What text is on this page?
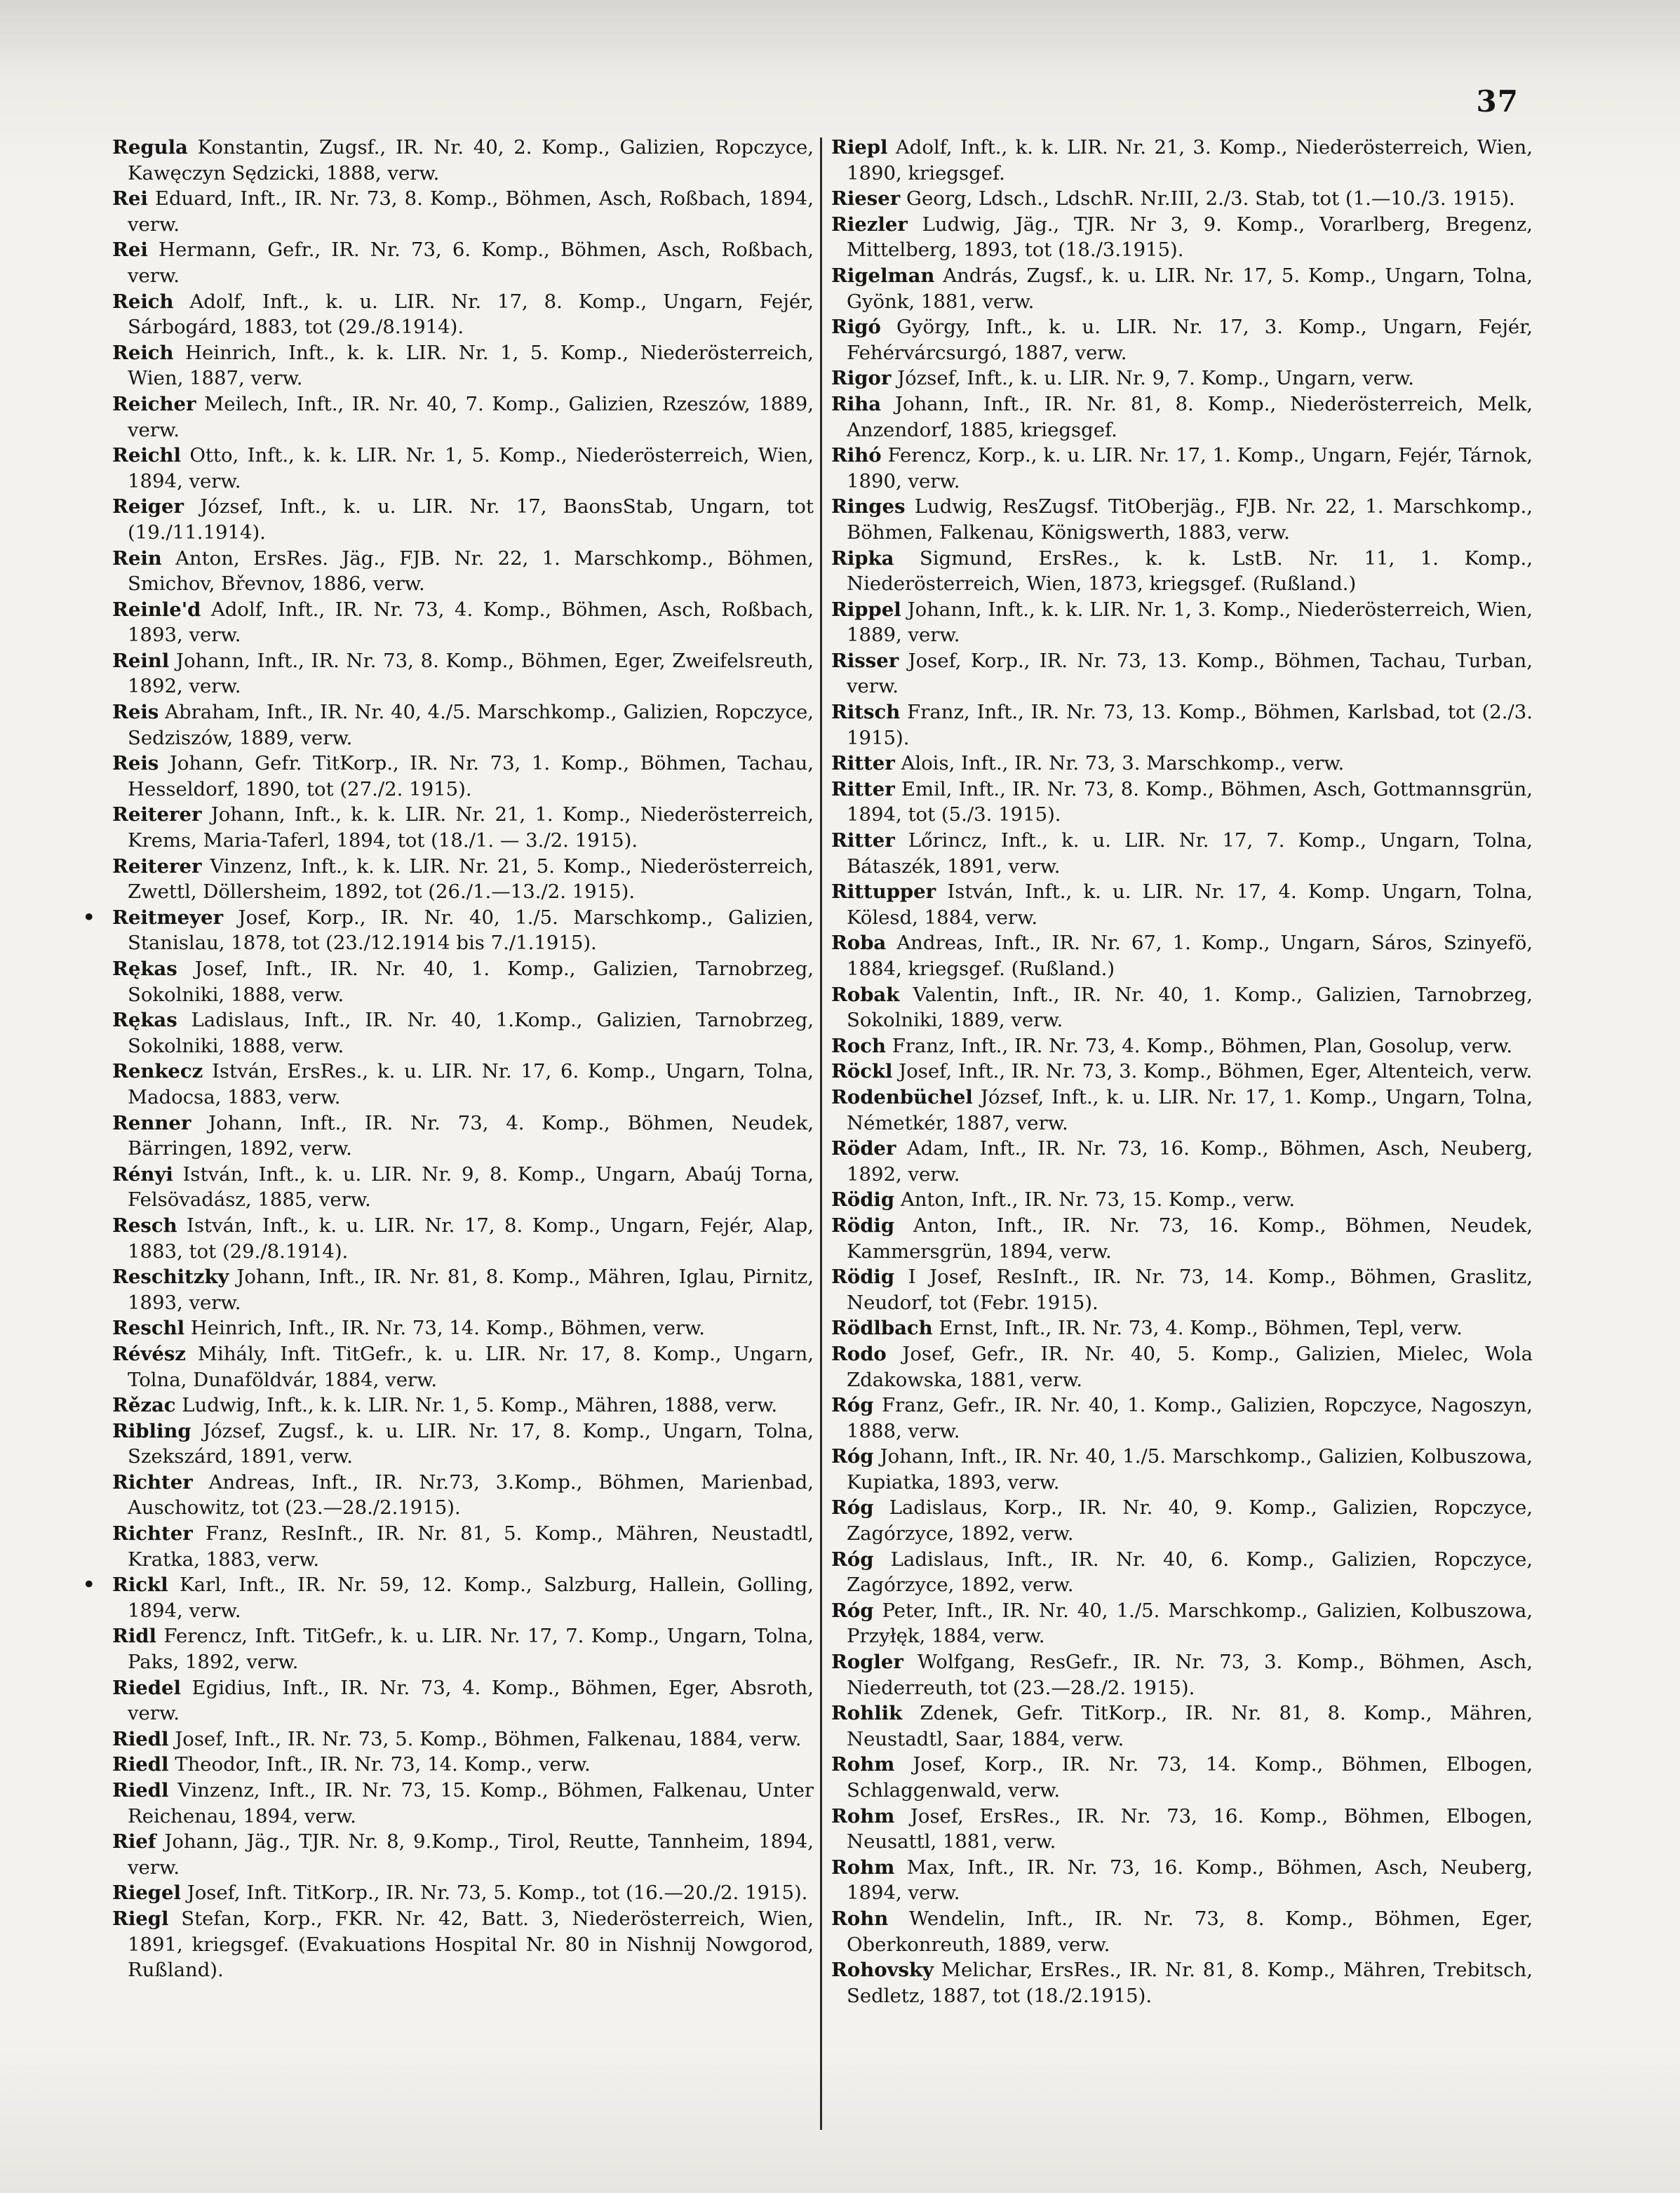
37
Regula Konstantin, Zugsf., IR. Nr. 40, 2. Komp., Galizien, Ropczyce, Kawęczyn Sędzicki, 1888, verw.
Rei Eduard, Inft., IR. Nr. 73, 8. Komp., Böhmen, Asch, Roßbach, 1894, verw.
Rei Hermann, Gefr., IR. Nr. 73, 6. Komp., Böhmen, Asch, Roßbach, verw.
Reich Adolf, Inft., k. u. LIR. Nr. 17, 8. Komp., Ungarn, Fejér, Sárbogárd, 1883, tot (29./8.1914).
Reich Heinrich, Inft., k. k. LIR. Nr. 1, 5. Komp., Niederösterreich, Wien, 1887, verw.
Reicher Meilech, Inft., IR. Nr. 40, 7. Komp., Galizien, Rzeszów, 1889, verw.
Reichl Otto, Inft., k. k. LIR. Nr. 1, 5. Komp., Niederösterreich, Wien, 1894, verw.
Reiger József, Inft., k. u. LIR. Nr. 17, BaonsStab, Ungarn, tot (19./11.1914).
Rein Anton, ErsRes. Jäg., FJB. Nr. 22, 1. Marschkomp., Böhmen, Smichov, Břevnov, 1886, verw.
Reinle'd Adolf, Inft., IR. Nr. 73, 4. Komp., Böhmen, Asch, Roßbach, 1893, verw.
Reinl Johann, Inft., IR. Nr. 73, 8. Komp., Böhmen, Eger, Zweifelsreuth, 1892, verw.
Reis Abraham, Inft., IR. Nr. 40, 4./5. Marschkomp., Galizien, Ropczyce, Sedziszów, 1889, verw.
Reis Johann, Gefr. TitKorp., IR. Nr. 73, 1. Komp., Böhmen, Tachau, Hesseldorf, 1890, tot (27./2. 1915).
Reiterer Johann, Inft., k. k. LIR. Nr. 21, 1. Komp., Niederösterreich, Krems, Maria-Taferl, 1894, tot (18./1. — 3./2. 1915).
Reiterer Vinzenz, Inft., k. k. LIR. Nr. 21, 5. Komp., Niederösterreich, Zwettl, Döllersheim, 1892, tot (26./1.—13./2. 1915).
• Reitmeyer Josef, Korp., IR. Nr. 40, 1./5. Marschkomp., Galizien, Stanislau, 1878, tot (23./12.1914 bis 7./1.1915).
Rękas Josef, Inft., IR. Nr. 40, 1. Komp., Galizien, Tarnobrzeg, Sokolniki, 1888, verw.
Rękas Ladislaus, Inft., IR. Nr. 40, 1.Komp., Galizien, Tarnobrzeg, Sokolniki, 1888, verw.
Renkecz István, ErsRes., k. u. LIR. Nr. 17, 6. Komp., Ungarn, Tolna, Madocsa, 1883, verw.
Renner Johann, Inft., IR. Nr. 73, 4. Komp., Böhmen, Neudek, Bärringen, 1892, verw.
Rényi István, Inft., k. u. LIR. Nr. 9, 8. Komp., Ungarn, Abaúj Torna, Felsövadász, 1885, verw.
Resch István, Inft., k. u. LIR. Nr. 17, 8. Komp., Ungarn, Fejér, Alap, 1883, tot (29./8.1914).
Reschitzky Johann, Inft., IR. Nr. 81, 8. Komp., Mähren, Iglau, Pirnitz, 1893, verw.
Reschl Heinrich, Inft., IR. Nr. 73, 14. Komp., Böhmen, verw.
Révész Mihály, Inft. TitGefr., k. u. LIR. Nr. 17, 8. Komp., Ungarn, Tolna, Dunaföldvár, 1884, verw.
Rězac Ludwig, Inft., k. k. LIR. Nr. 1, 5. Komp., Mähren, 1888, verw.
Ribling József, Zugsf., k. u. LIR. Nr. 17, 8. Komp., Ungarn, Tolna, Szekszárd, 1891, verw.
Richter Andreas, Inft., IR. Nr.73, 3.Komp., Böhmen, Marienbad, Auschowitz, tot (23.—28./2.1915).
Richter Franz, ResInft., IR. Nr. 81, 5. Komp., Mähren, Neustadtl, Kratka, 1883, verw.
• Rickl Karl, Inft., IR. Nr. 59, 12. Komp., Salzburg, Hallein, Golling, 1894, verw.
Ridl Ferencz, Inft. TitGefr., k. u. LIR. Nr. 17, 7. Komp., Ungarn, Tolna, Paks, 1892, verw.
Riedel Egidius, Inft., IR. Nr. 73, 4. Komp., Böhmen, Eger, Absroth, verw.
Riedl Josef, Inft., IR. Nr. 73, 5. Komp., Böhmen, Falkenau, 1884, verw.
Riedl Theodor, Inft., IR. Nr. 73, 14. Komp., verw.
Riedl Vinzenz, Inft., IR. Nr. 73, 15. Komp., Böhmen, Falkenau, Unter Reichenau, 1894, verw.
Rief Johann, Jäg., TJR. Nr. 8, 9.Komp., Tirol, Reutte, Tannheim, 1894, verw.
Riegel Josef, Inft. TitKorp., IR. Nr. 73, 5. Komp., tot (16.—20./2. 1915).
Riegl Stefan, Korp., FKR. Nr. 42, Batt. 3, Niederösterreich, Wien, 1891, kriegsgef. (Evakuations Hospital Nr. 80 in Nishnij Nowgorod, Rußland).
Riepl Adolf, Inft., k. k. LIR. Nr. 21, 3. Komp., Niederösterreich, Wien, 1890, kriegsgef.
Rieser Georg, Ldsch., LdschR. Nr.III, 2./3. Stab, tot (1.—10./3. 1915).
Riezler Ludwig, Jäg., TJR. Nr 3, 9. Komp., Vorarlberg, Bregenz, Mittelberg, 1893, tot (18./3.1915).
Rigelman András, Zugsf., k. u. LIR. Nr. 17, 5. Komp., Ungarn, Tolna, Gyönk, 1881, verw.
Rigó György, Inft., k. u. LIR. Nr. 17, 3. Komp., Ungarn, Fejér, Fehérvárcsurgó, 1887, verw.
Rigor József, Inft., k. u. LIR. Nr. 9, 7. Komp., Ungarn, verw.
Riha Johann, Inft., IR. Nr. 81, 8. Komp., Niederösterreich, Melk, Anzendorf, 1885, kriegsgef.
Rihó Ferencz, Korp., k. u. LIR. Nr. 17, 1. Komp., Ungarn, Fejér, Tárnok, 1890, verw.
Ringes Ludwig, ResZugsf. TitOberjäg., FJB. Nr. 22, 1. Marschkomp., Böhmen, Falkenau, Königswerth, 1883, verw.
Ripka Sigmund, ErsRes., k. k. LstB. Nr. 11, 1. Komp., Niederösterreich, Wien, 1873, kriegsgef. (Rußland.)
Rippel Johann, Inft., k. k. LIR. Nr. 1, 3. Komp., Niederösterreich, Wien, 1889, verw.
Risser Josef, Korp., IR. Nr. 73, 13. Komp., Böhmen, Tachau, Turban, verw.
Ritsch Franz, Inft., IR. Nr. 73, 13. Komp., Böhmen, Karlsbad, tot (2./3. 1915).
Ritter Alois, Inft., IR. Nr. 73, 3. Marschkomp., verw.
Ritter Emil, Inft., IR. Nr. 73, 8. Komp., Böhmen, Asch, Gottmannsgrün, 1894, tot (5./3. 1915).
Ritter Lőrincz, Inft., k. u. LIR. Nr. 17, 7. Komp., Ungarn, Tolna, Bátaszék, 1891, verw.
Rittupper István, Inft., k. u. LIR. Nr. 17, 4. Komp. Ungarn, Tolna, Kölesd, 1884, verw.
Roba Andreas, Inft., IR. Nr. 67, 1. Komp., Ungarn, Sáros, Szinyefö, 1884, kriegsgef. (Rußland.)
Robak Valentin, Inft., IR. Nr. 40, 1. Komp., Galizien, Tarnobrzeg, Sokolniki, 1889, verw.
Roch Franz, Inft., IR. Nr. 73, 4. Komp., Böhmen, Plan, Gosolup, verw.
Röckl Josef, Inft., IR. Nr. 73, 3. Komp., Böhmen, Eger, Altenteich, verw.
Rodenbüchel József, Inft., k. u. LIR. Nr. 17, 1. Komp., Ungarn, Tolna, Németkér, 1887, verw.
Röder Adam, Inft., IR. Nr. 73, 16. Komp., Böhmen, Asch, Neuberg, 1892, verw.
Rödig Anton, Inft., IR. Nr. 73, 15. Komp., verw.
Rödig Anton, Inft., IR. Nr. 73, 16. Komp., Böhmen, Neudek, Kammersgrün, 1894, verw.
Rödig I Josef, ResInft., IR. Nr. 73, 14. Komp., Böhmen, Graslitz, Neudorf, tot (Febr. 1915).
Rödlbach Ernst, Inft., IR. Nr. 73, 4. Komp., Böhmen, Tepl, verw.
Rodo Josef, Gefr., IR. Nr. 40, 5. Komp., Galizien, Mielec, Wola Zdakowska, 1881, verw.
Róg Franz, Gefr., IR. Nr. 40, 1. Komp., Galizien, Ropczyce, Nagoszyn, 1888, verw.
Róg Johann, Inft., IR. Nr. 40, 1./5. Marschkomp., Galizien, Kolbuszowa, Kupiatka, 1893, verw.
Róg Ladislaus, Korp., IR. Nr. 40, 9. Komp., Galizien, Ropczyce, Zagórzyce, 1892, verw.
Róg Ladislaus, Inft., IR. Nr. 40, 6. Komp., Galizien, Ropczyce, Zagórzyce, 1892, verw.
Róg Peter, Inft., IR. Nr. 40, 1./5. Marschkomp., Galizien, Kolbuszowa, Przyłęk, 1884, verw.
Rogler Wolfgang, ResGefr., IR. Nr. 73, 3. Komp., Böhmen, Asch, Niederreuth, tot (23.—28./2. 1915).
Rohlik Zdenek, Gefr. TitKorp., IR. Nr. 81, 8. Komp., Mähren, Neustadtl, Saar, 1884, verw.
Rohm Josef, Korp., IR. Nr. 73, 14. Komp., Böhmen, Elbogen, Schlaggenwald, verw.
Rohm Josef, ErsRes., IR. Nr. 73, 16. Komp., Böhmen, Elbogen, Neusattl, 1881, verw.
Rohm Max, Inft., IR. Nr. 73, 16. Komp., Böhmen, Asch, Neuberg, 1894, verw.
Rohn Wendelin, Inft., IR. Nr. 73, 8. Komp., Böhmen, Eger, Oberkonreuth, 1889, verw.
Rohovsky Melichar, ErsRes., IR. Nr. 81, 8. Komp., Mähren, Trebitsch, Sedletz, 1887, tot (18./2.1915).
